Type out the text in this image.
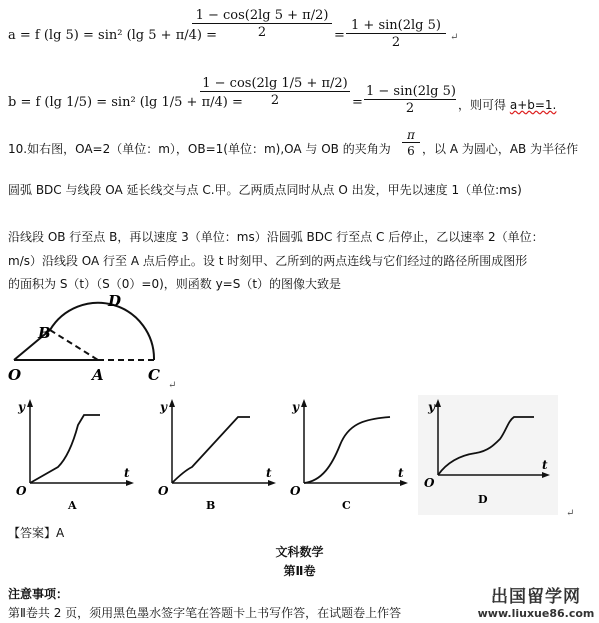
a = f (lg 5) = sin² (lg 5 + π/4) =
$\frac{1 - \cos(2\lg 5 + \pi/2)}{2} = \frac{1 + \sin(2\lg 5)}{2}$ ↵
b = f (lg 1/5) = sin² (lg 1/5 + π/4) =
$\frac{1 - \cos(2\lg 1/5 + \pi/2)}{2} = \frac{1 - \sin(2\lg 5)}{2}$ ，则可得 a+b=1.
10.如右图，OA=2（单位：m），OB=1(单位：m),OA 与 OB 的夹角为 $\frac{\pi}{6}$ ，以 A 为圆心，AB 为半径作
圆弧 BDC 与线段 OA 延长线交与点 C.甲。乙两质点同时从点 O 出发，甲先以速度 1（单位:ms)
沿线段 OB 行至点 B，再以速度 3（单位：ms）沿圆弧 BDC 行至点 C 后停止，乙以速率 2（单位：
m/s）沿线段 OA 行至 A 点后停止。设 t 时刻甲、乙所到的两点连线与它们经过的路径所围成图形
的面积为 S（t）（S（0）=0)，则函数 y=S（t）的图像大致是
O	A
B
C
D
↵
y
t
O
A
y
t
O
B
y
t
O
C
y
t
O
D
↵
【答案】A
文科数学
第Ⅱ卷
注意事项：
第Ⅱ卷共 2 页，须用黑色墨水签字笔在答题卡上书写作答，在试题卷上作答
出国留学网
www.liuxue86.com
